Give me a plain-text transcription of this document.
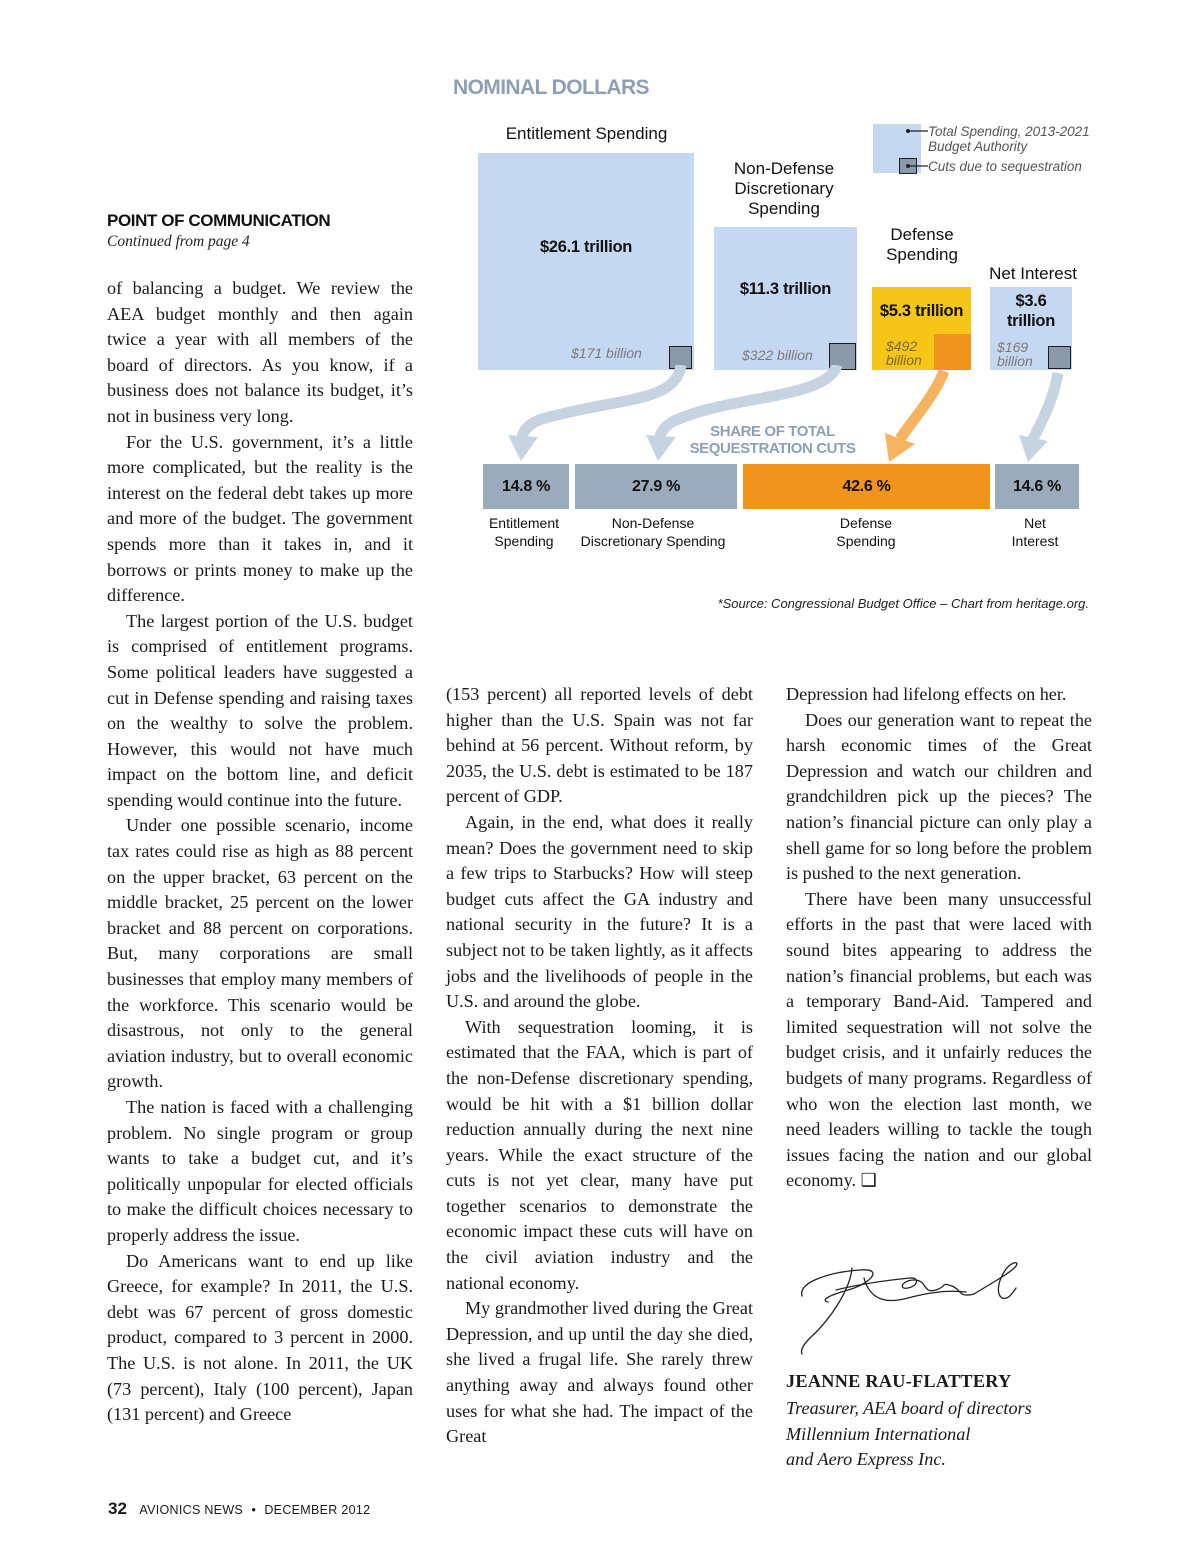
NOMINAL DOLLARS
Total Spending, 2013-2021
Budget Authority
Cuts due to sequestration
Entitlement Spending
Non-Defense
Discretionary
Spending
Defense
Spending
Net Interest
$26.1 trillion
$11.3 trillion
$5.3 trillion
$3.6 trillion
$171 billion	$322 billion
$492
billion
$169
billion
SHARE OF TOTAL
SEQUESTRATION CUTS
14.8 %	27.9 %	42.6 %	14.6 %
Entitlement
Spending
Non-Defense
Discretionary Spending
Defense
Spending
Net
Interest
*Source: Congressional Budget Office – Chart from heritage.org.
POINT OF COMMUNICATION
Continued from page 4

of balancing a budget. We review the AEA budget monthly and then again twice a year with all members of the board of directors. As you know, if a business does not balance its budget, it’s not in business very long.

For the U.S. government, it’s a little more complicated, but the reality is the interest on the federal debt takes up more and more of the budget. The government spends more than it takes in, and it borrows or prints money to make up the difference.

The largest portion of the U.S. budget is comprised of entitlement programs. Some political leaders have suggested a cut in Defense spending and raising taxes on the wealthy to solve the problem. However, this would not have much impact on the bottom line, and deficit spending would continue into the future.

Under one possible scenario, income tax rates could rise as high as 88 percent on the upper bracket, 63 percent on the middle bracket, 25 percent on the lower bracket and 88 percent on corporations. But, many corporations are small businesses that employ many members of the workforce. This scenario would be disastrous, not only to the general aviation industry, but to overall economic growth.

The nation is faced with a challenging problem. No single program or group wants to take a budget cut, and it’s politically unpopular for elected officials to make the difficult choices necessary to properly address the issue.

Do Americans want to end up like Greece, for example? In 2011, the U.S. debt was 67 percent of gross domestic product, compared to 3 percent in 2000. The U.S. is not alone. In 2011, the UK (73 percent), Italy (100 percent), Japan (131 percent) and Greece

(153 percent) all reported levels of debt higher than the U.S. Spain was not far behind at 56 percent. Without reform, by 2035, the U.S. debt is estimated to be 187 percent of GDP.

Again, in the end, what does it really mean? Does the government need to skip a few trips to Starbucks? How will steep budget cuts affect the GA industry and national security in the future? It is a subject not to be taken lightly, as it affects jobs and the livelihoods of people in the U.S. and around the globe.

With sequestration looming, it is estimated that the FAA, which is part of the non-Defense discretionary spending, would be hit with a $1 billion dollar reduction annually during the next nine years. While the exact structure of the cuts is not yet clear, many have put together scenarios to demonstrate the economic impact these cuts will have on the civil aviation industry and the national economy.

My grandmother lived during the Great Depression, and up until the day she died, she lived a frugal life. She rarely threw anything away and always found other uses for what she had. The impact of the Great

Depression had lifelong effects on her.

Does our generation want to repeat the harsh economic times of the Great Depression and watch our children and grandchildren pick up the pieces? The nation’s financial picture can only play a shell game for so long before the problem is pushed to the next generation.

There have been many unsuccessful efforts in the past that were laced with sound bites appearing to address the nation’s financial problems, but each was a temporary Band-Aid. Tampered and limited sequestration will not solve the budget crisis, and it unfairly reduces the budgets of many programs. Regardless of who won the election last month, we need leaders willing to tackle the tough issues facing the nation and our global economy. ❑

JEANNE RAU-FLATTERY
Treasurer, AEA board of directors
Millennium International
and Aero Express Inc.
32 AVIONICS NEWS • DECEMBER 2012
